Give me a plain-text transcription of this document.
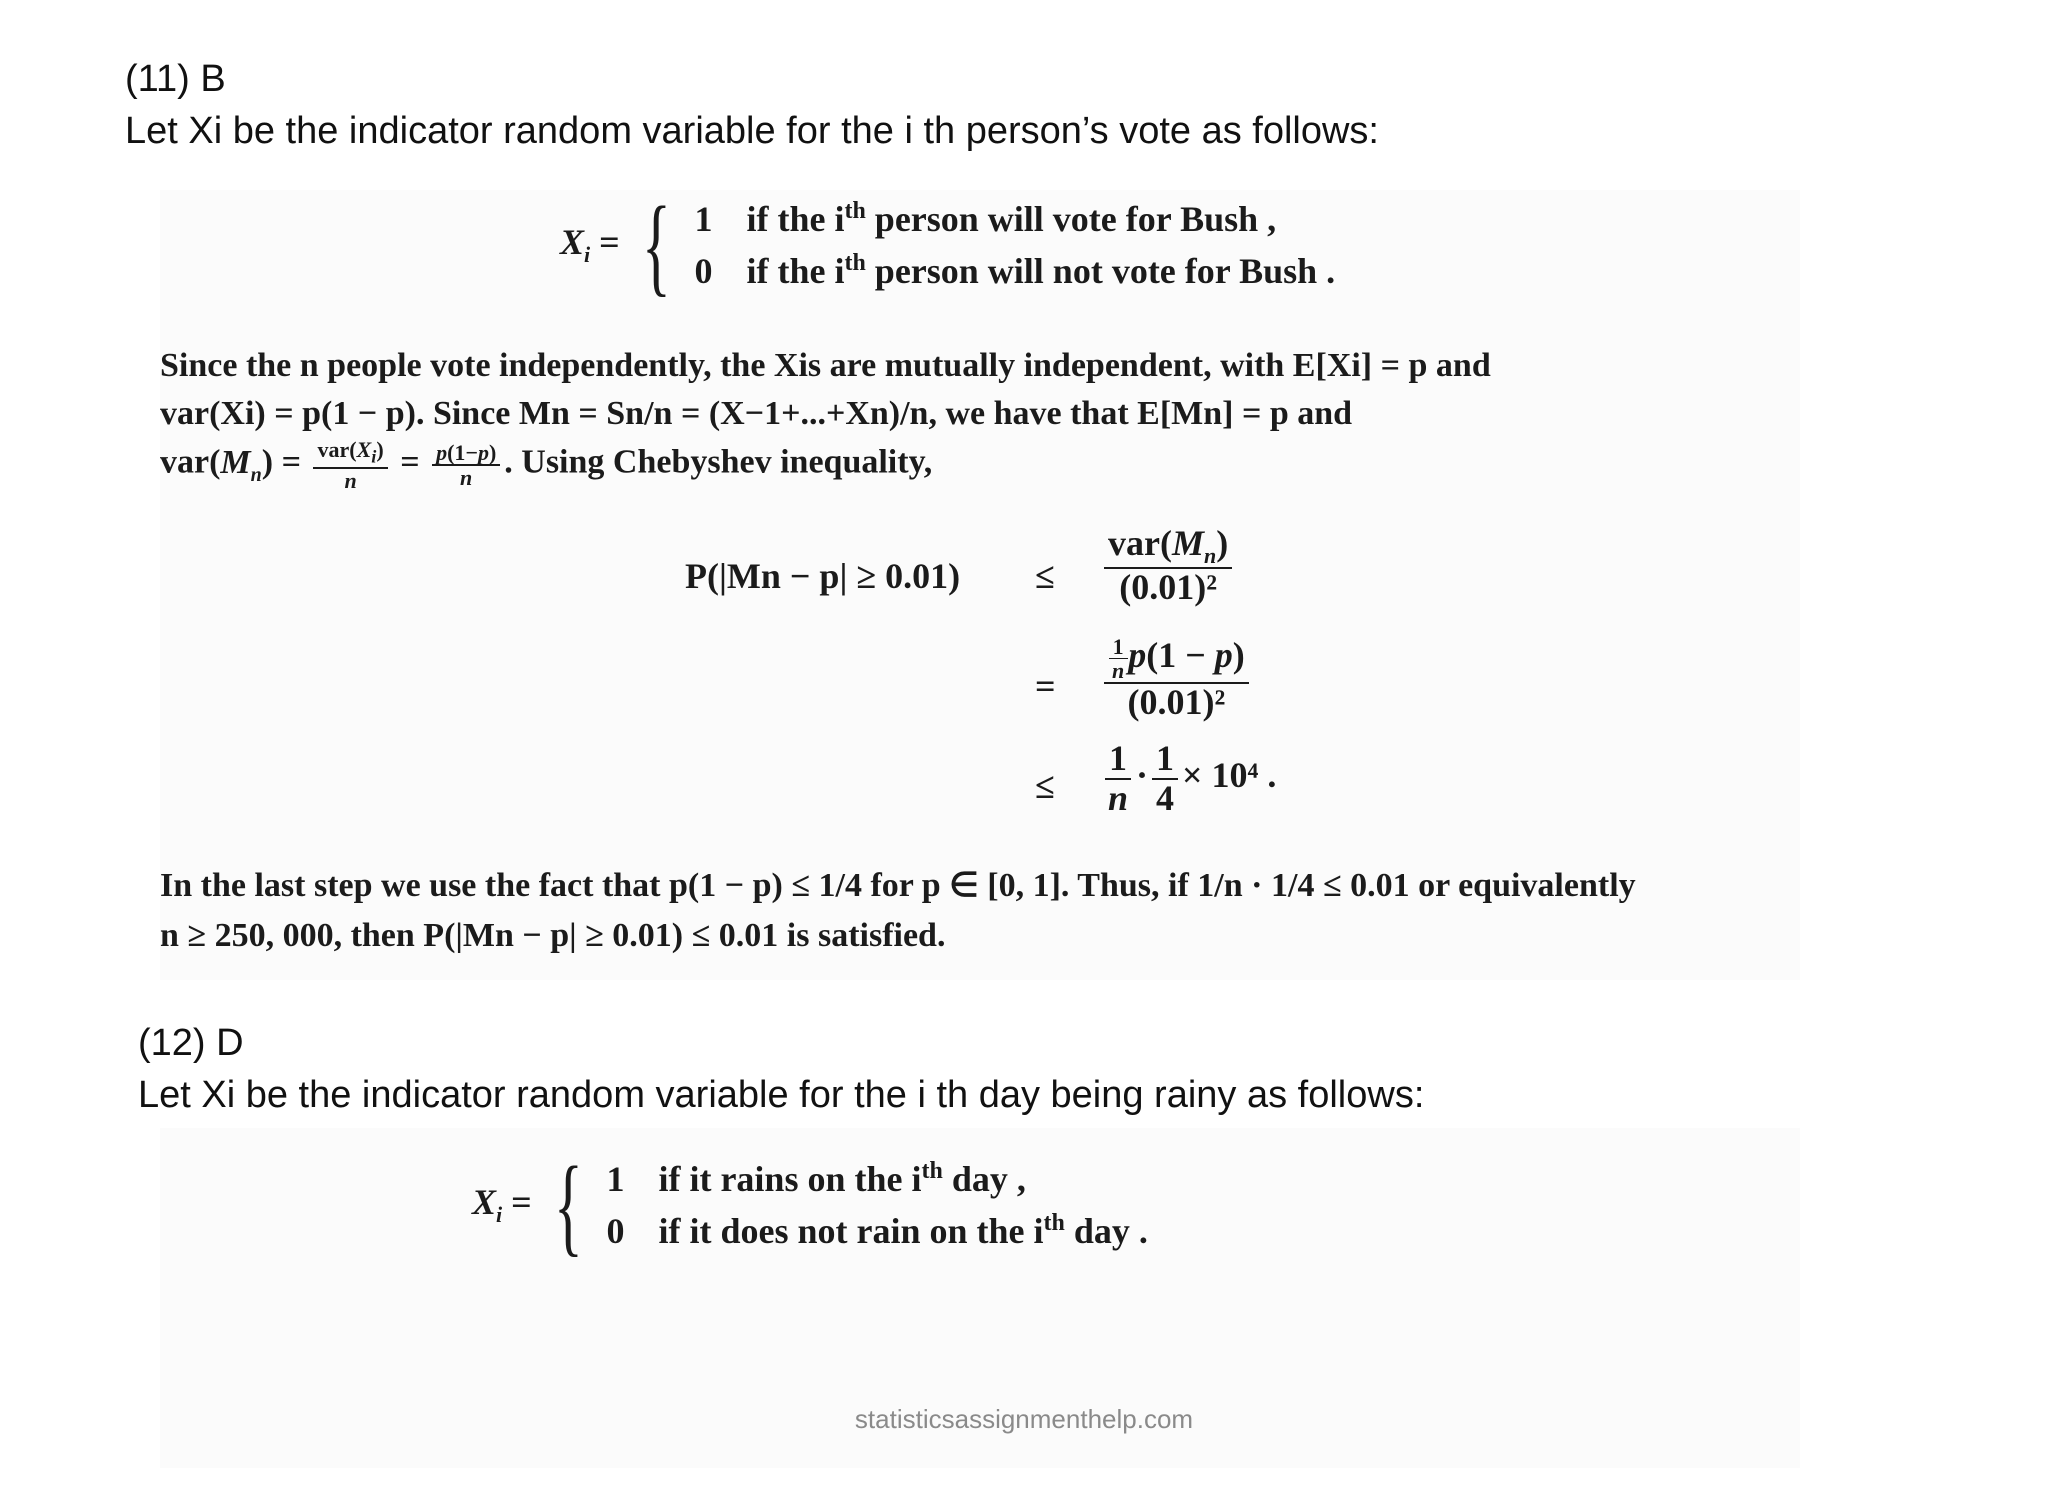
(11) B
Let Xi be the indicator random variable for the i th person’s vote as follows:
$X_i$ = { 1 if the $i^{th}$ person will vote for Bush ,
0 if the $i^{th}$ person will not vote for Bush .
Since the n people vote independently, the Xis are mutually independent, with E[Xi] = p and
var(Xi) = p(1 − p). Since Mn = Sn/n = (X−1+...+Xn)/n, we have that E[Mn] = p and
$var(M_n) = \frac{var(X_i)}{n} = \frac{p(1-p)}{n}$ . Using Chebyshev inequality,
$P(|Mn - p| \ge 0.01) \le \frac{var(M_n)}{\text{(0.01)²}}$
= $\frac{\frac{1}{n} p(1 - p)}{\text{(0.01)²}}$
≤ $\frac{1}{n} \cdot \frac{1}{4} \times 10^4$ .
In the last step we use the fact that p(1 − p) ≤ 1/4 for p ∈ [0, 1]. Thus, if 1/n · 1/4 ≤ 0.01 or equivalently
n ≥ 250, 000, then P(|Mn − p| ≥ 0.01) ≤ 0.01 is satisfied.
(12) D
Let Xi be the indicator random variable for the i th day being rainy as follows:
$X_i$ = { 1 if it rains on the $i^{th}$ day ,
0 if it does not rain on the $i^{th}$ day .
statisticsassignmenthelp.com
